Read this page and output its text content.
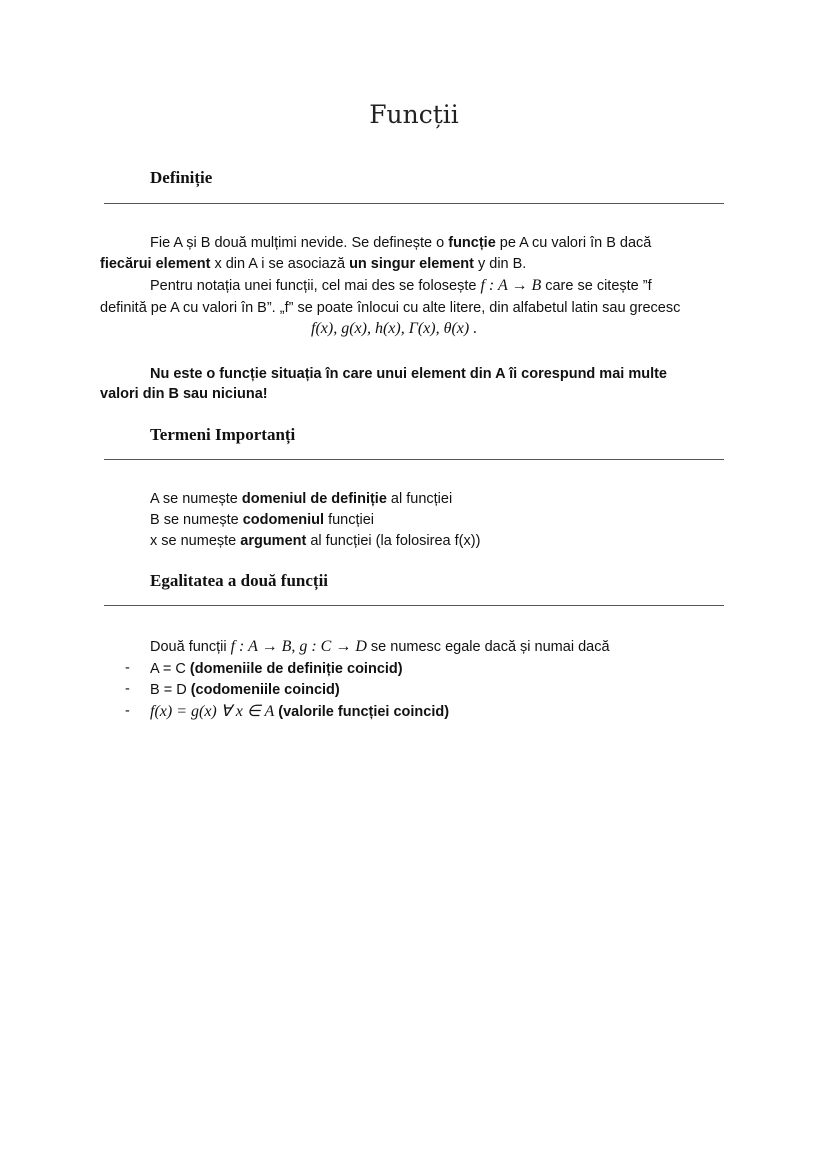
Funcții
Definiție
Fie A și B două mulțimi nevide. Se definește o funcție pe A cu valori în B dacă
fiecărui element x din A i se asociază un singur element y din B.
Pentru notația unei funcții, cel mai des se folosește f : A → B care se citește ”f
definită pe A cu valori în B”. „f” se poate înlocui cu alte litere, din alfabetul latin sau grecesc
f(x), g(x), h(x), Γ(x), θ(x) .
Nu este o funcție situația în care unui element din A îi corespund mai multe
valori din B sau niciuna!
Termeni Importanți
A se numește domeniul de definiție al funcției
B se numește codomeniul funcției
x se numește argument al funcției (la folosirea f(x))
Egalitatea a două funcții
Două funcții f : A → B, g : C → D se numesc egale dacă și numai dacă
- A = C (domeniile de definiție coincid)
- B = D (codomeniile coincid)
- f(x) = g(x) ∀ x ∈ A (valorile funcției coincid)
